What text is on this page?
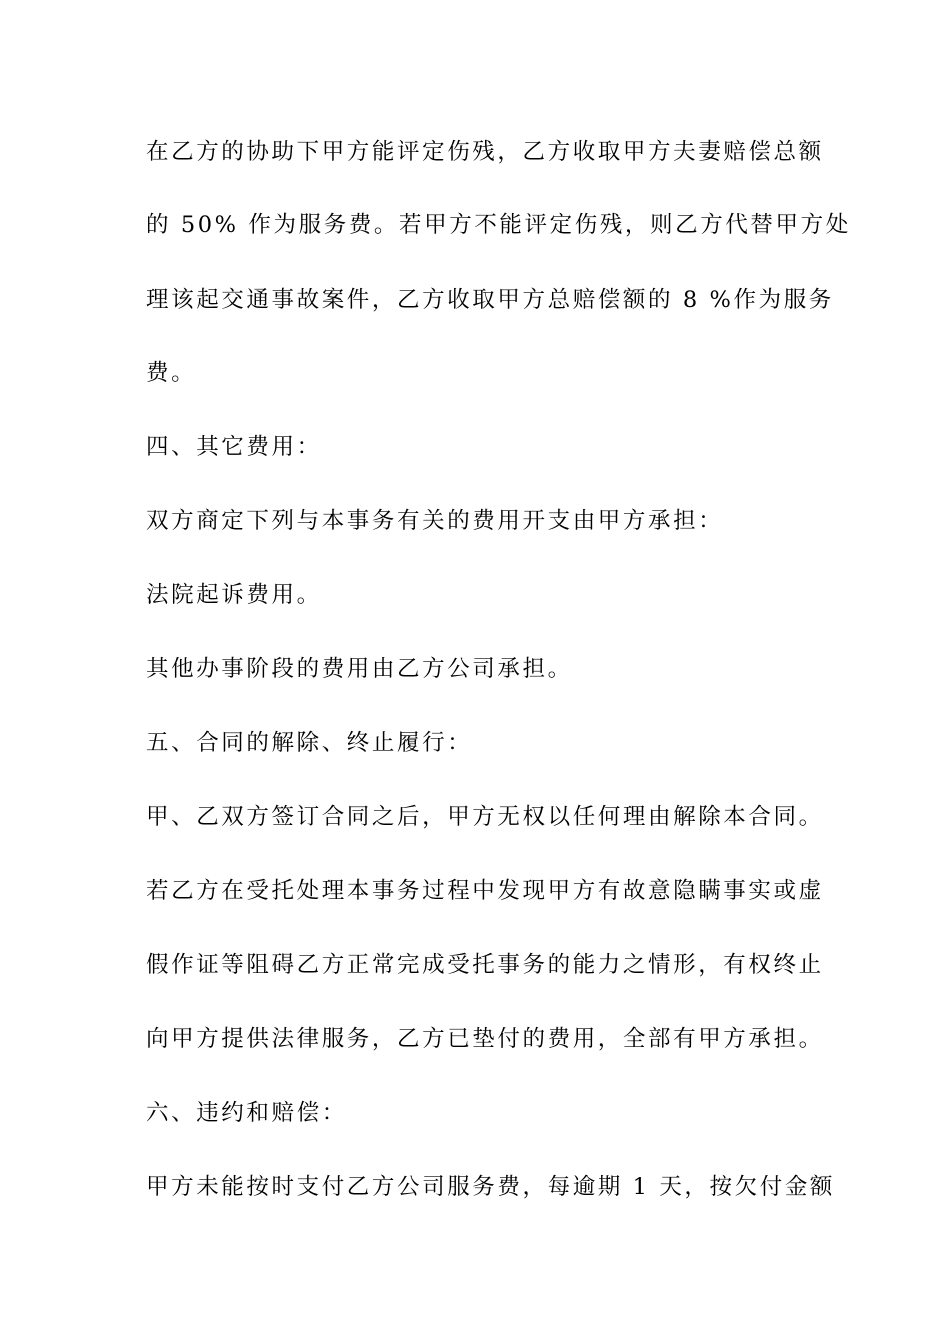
在乙方的协助下甲方能评定伤残，乙方收取甲方夫妻赔偿总额
的 50% 作为服务费。若甲方不能评定伤残，则乙方代替甲方处
理该起交通事故案件，乙方收取甲方总赔偿额的 8 %作为服务
费。
四、其它费用：
双方商定下列与本事务有关的费用开支由甲方承担：
法院起诉费用。
其他办事阶段的费用由乙方公司承担。
五、合同的解除、终止履行：
甲、乙双方签订合同之后，甲方无权以任何理由解除本合同。
若乙方在受托处理本事务过程中发现甲方有故意隐瞒事实或虚
假作证等阻碍乙方正常完成受托事务的能力之情形，有权终止
向甲方提供法律服务，乙方已垫付的费用，全部有甲方承担。
六、违约和赔偿：
甲方未能按时支付乙方公司服务费，每逾期 1 天，按欠付金额
